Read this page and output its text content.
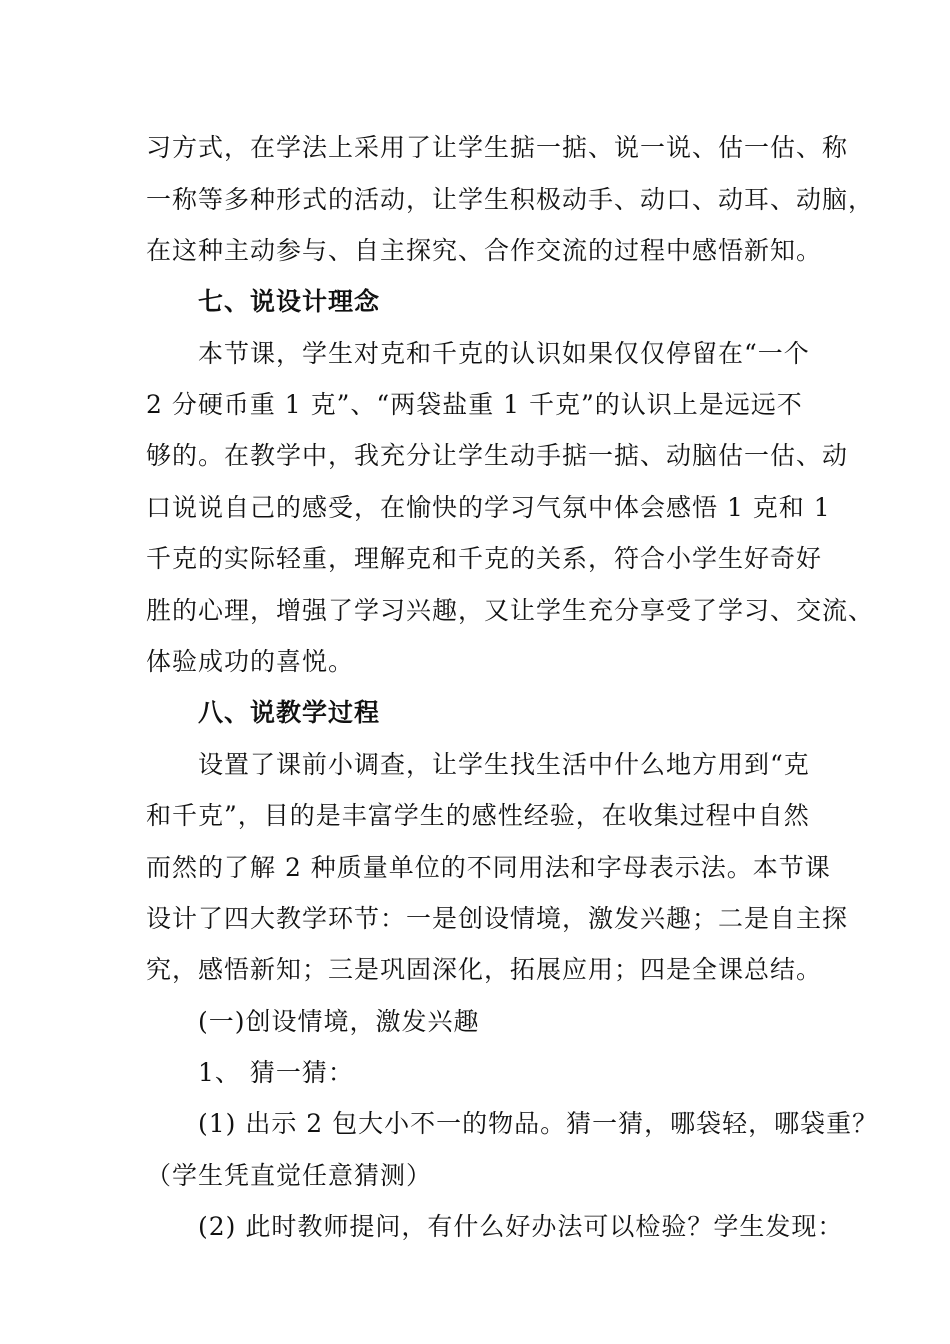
习方式，在学法上采用了让学生掂一掂、说一说、估一估、称
一称等多种形式的活动，让学生积极动手、动口、动耳、动脑，
在这种主动参与、自主探究、合作交流的过程中感悟新知。
七、说设计理念
本节课，学生对克和千克的认识如果仅仅停留在“一个
2 分硬币重 1 克”、“两袋盐重 1 千克”的认识上是远远不
够的。在教学中，我充分让学生动手掂一掂、动脑估一估、动
口说说自己的感受，在愉快的学习气氛中体会感悟 1 克和 1
千克的实际轻重，理解克和千克的关系，符合小学生好奇好
胜的心理，增强了学习兴趣，又让学生充分享受了学习、交流、
体验成功的喜悦。
八、说教学过程
设置了课前小调查，让学生找生活中什么地方用到“克
和千克”，目的是丰富学生的感性经验，在收集过程中自然
而然的了解 2 种质量单位的不同用法和字母表示法。本节课
设计了四大教学环节：一是创设情境，激发兴趣；二是自主探
究，感悟新知；三是巩固深化，拓展应用；四是全课总结。
(一)创设情境，激发兴趣
1、 猜一猜：
(1) 出示 2 包大小不一的物品。猜一猜，哪袋轻，哪袋重？
（学生凭直觉任意猜测）
(2) 此时教师提问，有什么好办法可以检验？学生发现：
